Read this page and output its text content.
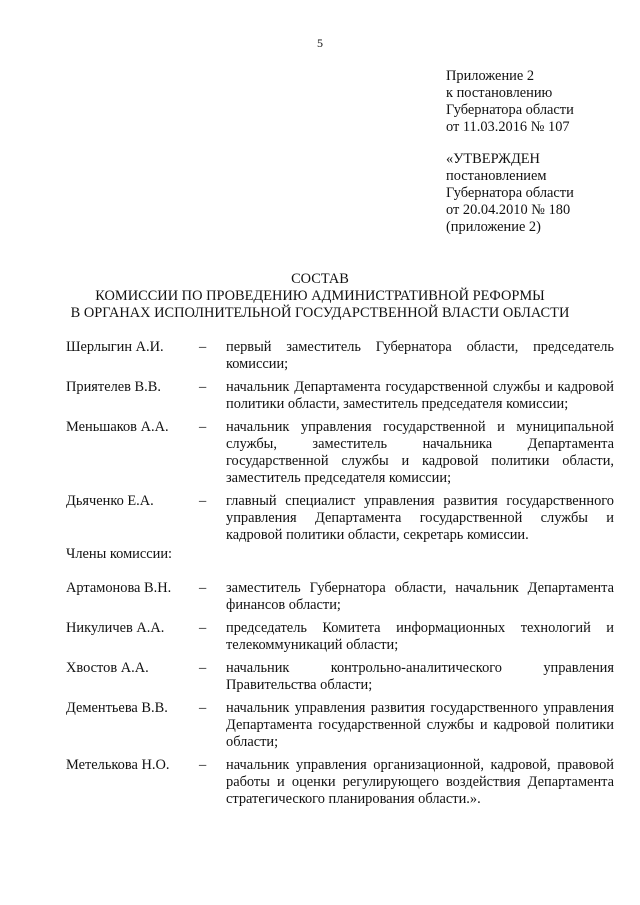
5
Приложение 2
к постановлению
Губернатора области
от 11.03.2016 № 107
«УТВЕРЖДЕН
постановлением
Губернатора области
от 20.04.2010 № 180
(приложение 2)
СОСТАВ
КОМИССИИ ПО ПРОВЕДЕНИЮ АДМИНИСТРАТИВНОЙ РЕФОРМЫ
В ОРГАНАХ ИСПОЛНИТЕЛЬНОЙ ГОСУДАРСТВЕННОЙ ВЛАСТИ ОБЛАСТИ
Шерлыгин А.И.	–	первый заместитель Губернатора области, председатель комиссии;
Приятелев В.В.	–	начальник Департамента государственной службы и кадровой политики области, заместитель председателя комиссии;
Меньшаков А.А.	–	начальник управления государственной и муниципальной службы, заместитель начальника Департамента государственной службы и кадровой политики области, заместитель председателя комиссии;
Дьяченко Е.А.	–	главный специалист управления развития государственного управления Департамента государственной службы и кадровой политики области, секретарь комиссии.
Члены комиссии:
Артамонова В.Н.	–	заместитель Губернатора области, начальник Департамента финансов области;
Никуличев А.А.	–	председатель Комитета информационных технологий и телекоммуникаций области;
Хвостов А.А.	–	начальник контрольно-аналитического управления Правительства области;
Дементьева В.В.	–	начальник управления развития государственного управления Департамента государственной службы и кадровой политики области;
Метелькова Н.О.	–	начальник управления организационной, кадровой, правовой работы и оценки регулирующего воздействия Департамента стратегического планирования области.».
